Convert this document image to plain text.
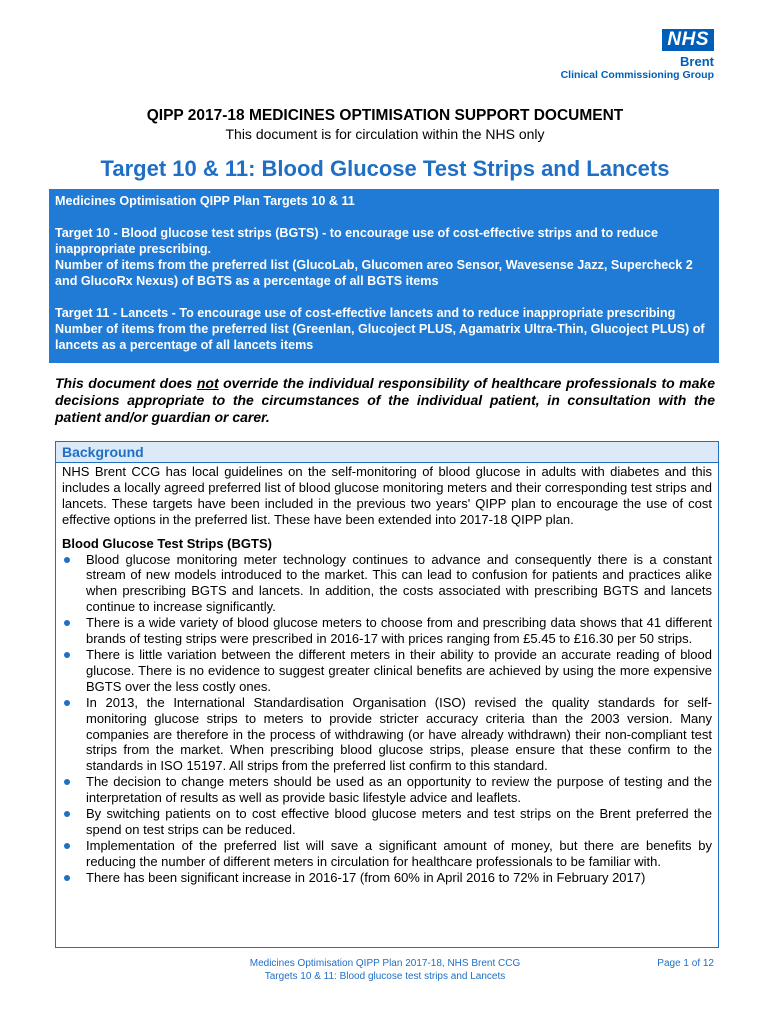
NHS
Brent
Clinical Commissioning Group
QIPP 2017-18 MEDICINES OPTIMISATION SUPPORT DOCUMENT
This document is for circulation within the NHS only
Target 10 & 11: Blood Glucose Test Strips and Lancets

Medicines Optimisation QIPP Plan Targets 10 & 11

Target 10 - Blood glucose test strips (BGTS) - to encourage use of cost-effective strips and to reduce inappropriate prescribing.

Number of items from the preferred list (GlucoLab, Glucomen areo Sensor, Wavesense Jazz, Supercheck 2 and GlucoRx Nexus) of BGTS as a percentage of all BGTS items

Target 11 - Lancets - To encourage use of cost-effective lancets and to reduce inappropriate prescribing

Number of items from the preferred list (Greenlan, Glucoject PLUS, Agamatrix Ultra-Thin, Glucoject PLUS) of lancets as a percentage of all lancets items

This document does not override the individual responsibility of healthcare professionals to make decisions appropriate to the circumstances of the individual patient, in consultation with the patient and/or guardian or carer.
Background

NHS Brent CCG has local guidelines on the self-monitoring of blood glucose in adults with diabetes and this includes a locally agreed preferred list of blood glucose monitoring meters and their corresponding test strips and lancets. These targets have been included in the previous two years' QIPP plan to encourage the use of cost effective options in the preferred list. These have been extended into 2017-18 QIPP plan.

Blood Glucose Test Strips (BGTS)

Blood glucose monitoring meter technology continues to advance and consequently there is a constant stream of new models introduced to the market. This can lead to confusion for patients and practices alike when prescribing BGTS and lancets. In addition, the costs associated with prescribing BGTS and lancets continue to increase significantly.
There is a wide variety of blood glucose meters to choose from and prescribing data shows that 41 different brands of testing strips were prescribed in 2016-17 with prices ranging from £5.45 to £16.30 per 50 strips.
There is little variation between the different meters in their ability to provide an accurate reading of blood glucose. There is no evidence to suggest greater clinical benefits are achieved by using the more expensive BGTS over the less costly ones.
In 2013, the International Standardisation Organisation (ISO) revised the quality standards for self-monitoring glucose strips to meters to provide stricter accuracy criteria than the 2003 version. Many companies are therefore in the process of withdrawing (or have already withdrawn) their non-compliant test strips from the market. When prescribing blood glucose strips, please ensure that these confirm to the standards in ISO 15197. All strips from the preferred list confirm to this standard.
The decision to change meters should be used as an opportunity to review the purpose of testing and the interpretation of results as well as provide basic lifestyle advice and leaflets.
By switching patients on to cost effective blood glucose meters and test strips on the Brent preferred the spend on test strips can be reduced.
Implementation of the preferred list will save a significant amount of money, but there are benefits by reducing the number of different meters in circulation for healthcare professionals to be familiar with.
There has been significant increase in 2016-17 (from 60% in April 2016 to 72% in February 2017)
Medicines Optimisation QIPP Plan 2017-18, NHS Brent CCG
Targets 10 & 11: Blood glucose test strips and Lancets
Page 1 of 12
